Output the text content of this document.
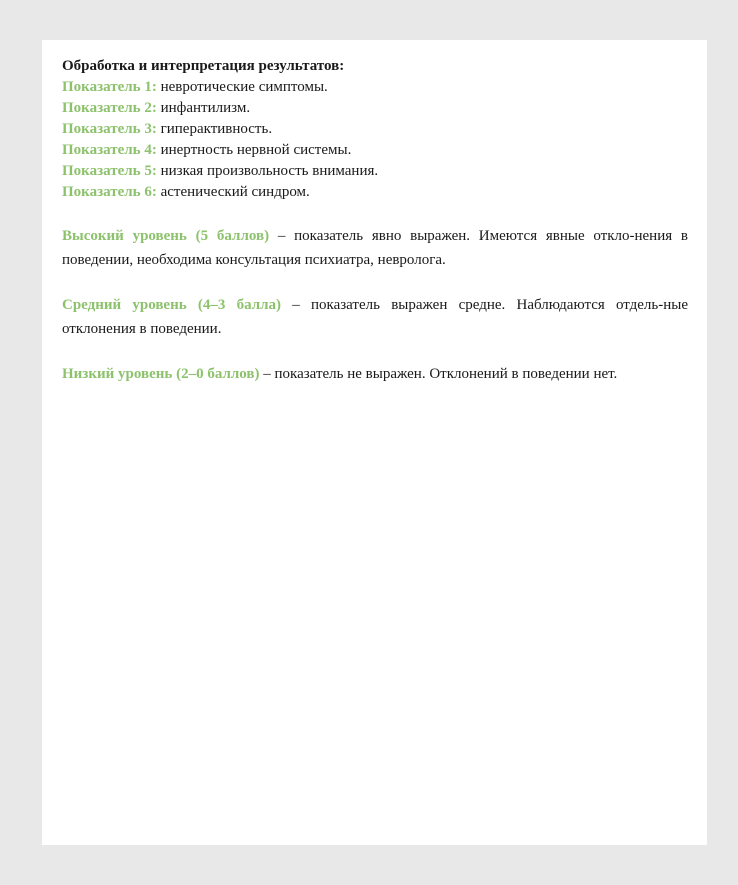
Обработка и интерпретация результатов:

Показатель 1: невротические симптомы.
Показатель 2: инфантилизм.
Показатель 3: гиперактивность.
Показатель 4: инертность нервной системы.
Показатель 5: низкая произвольность внимания.
Показатель 6: астенический синдром.

Высокий уровень (5 баллов) – показатель явно выражен. Имеются явные откло-нения в поведении, необходима консультация психиатра, невролога.

Средний уровень (4–3 балла) – показатель выражен средне. Наблюдаются отдель-ные отклонения в поведении.

Низкий уровень (2–0 баллов) – показатель не выражен. Отклонений в поведении нет.
